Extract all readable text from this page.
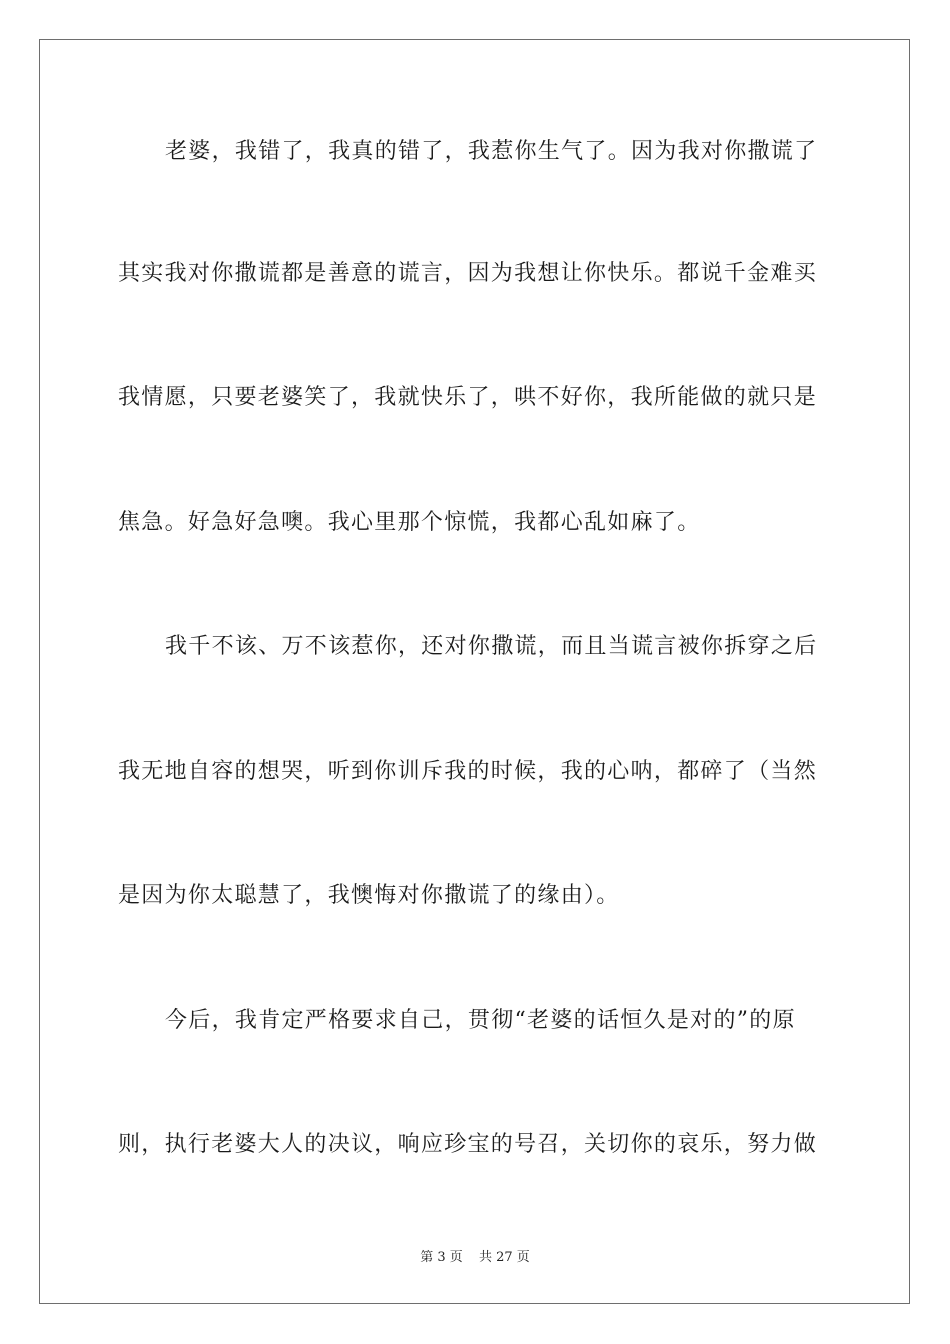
老婆，我错了，我真的错了，我惹你生气了。因为我对你撒谎了
其实我对你撒谎都是善意的谎言，因为我想让你快乐。都说千金难买
我情愿，只要老婆笑了，我就快乐了，哄不好你，我所能做的就只是
焦急。好急好急噢。我心里那个惊慌，我都心乱如麻了。
我千不该、万不该惹你，还对你撒谎，而且当谎言被你拆穿之后
我无地自容的想哭，听到你训斥我的时候，我的心呐，都碎了（当然
是因为你太聪慧了，我懊悔对你撒谎了的缘由）。
今后，我肯定严格要求自己，贯彻“老婆的话恒久是对的”的原
则，执行老婆大人的决议，响应珍宝的号召，关切你的哀乐，努力做
第 3 页 共 27 页
